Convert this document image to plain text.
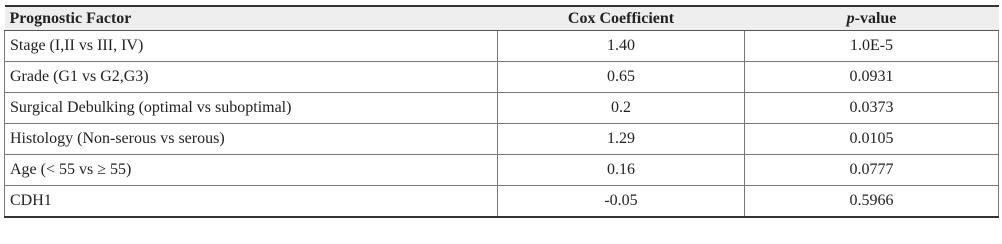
Prognostic Factor	Cox Coefficient	p-value
Stage (I,II vs III, IV)	1.40	1.0E-5
Grade (G1 vs G2,G3)	0.65	0.0931
Surgical Debulking (optimal vs suboptimal)	0.2	0.0373
Histology (Non-serous vs serous)	1.29	0.0105
Age (< 55 vs ≥ 55)	0.16	0.0777
CDH1	-0.05	0.5966
